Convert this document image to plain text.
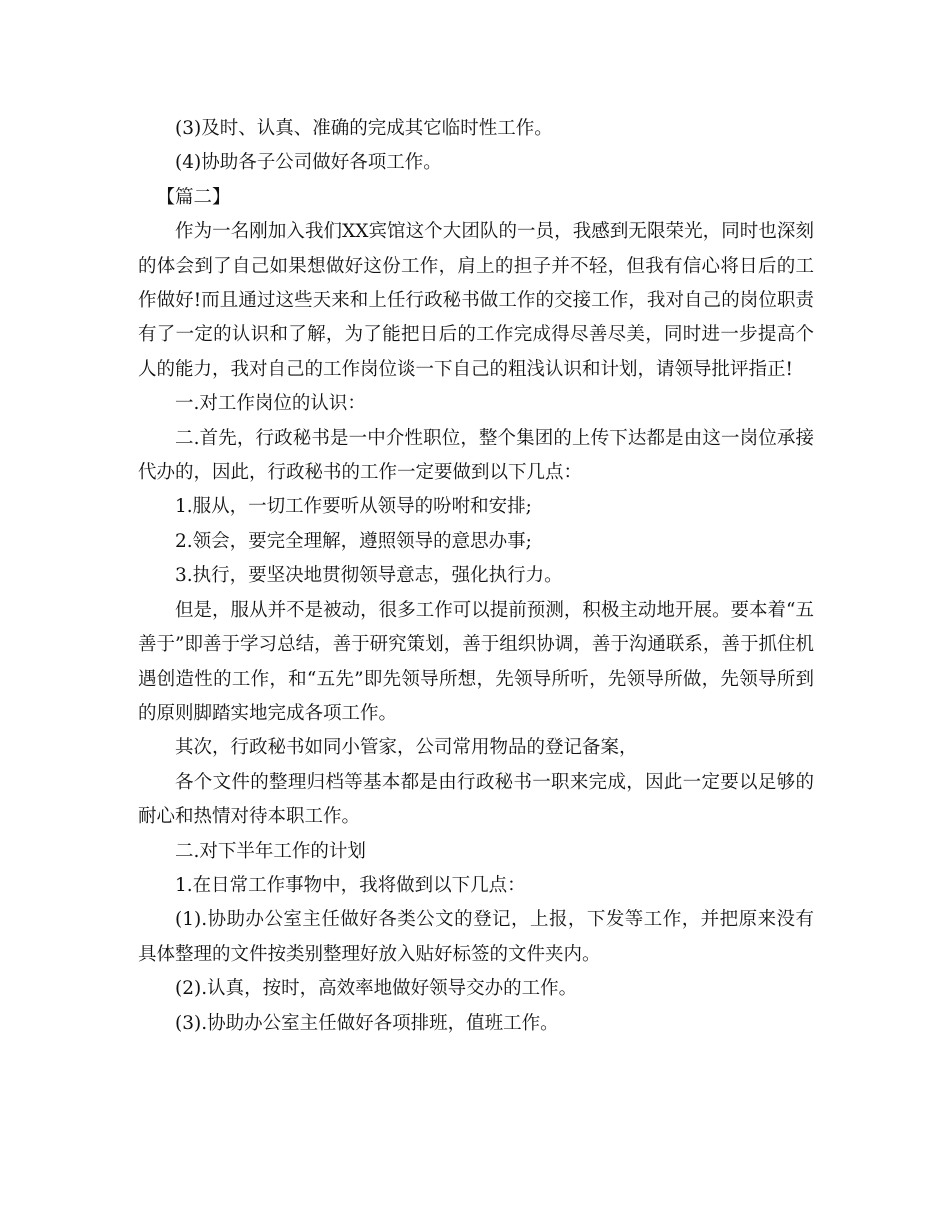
(3)及时、认真、准确的完成其它临时性工作。

(4)协助各子公司做好各项工作。

【篇二】

作为一名刚加入我们XX宾馆这个大团队的一员，我感到无限荣光，同时也深刻的体会到了自己如果想做好这份工作，肩上的担子并不轻，但我有信心将日后的工作做好!而且通过这些天来和上任行政秘书做工作的交接工作，我对自己的岗位职责有了一定的认识和了解，为了能把日后的工作完成得尽善尽美，同时进一步提高个人的能力，我对自己的工作岗位谈一下自己的粗浅认识和计划，请领导批评指正!

一.对工作岗位的认识：

二.首先，行政秘书是一中介性职位，整个集团的上传下达都是由这一岗位承接代办的，因此，行政秘书的工作一定要做到以下几点：

1.服从，一切工作要听从领导的吩咐和安排;

2.领会，要完全理解，遵照领导的意思办事;

3.执行，要坚决地贯彻领导意志，强化执行力。

但是，服从并不是被动，很多工作可以提前预测，积极主动地开展。要本着“五善于”即善于学习总结，善于研究策划，善于组织协调，善于沟通联系，善于抓住机遇创造性的工作，和“五先”即先领导所想，先领导所听，先领导所做，先领导所到的原则脚踏实地完成各项工作。

其次，行政秘书如同小管家，公司常用物品的登记备案，

各个文件的整理归档等基本都是由行政秘书一职来完成，因此一定要以足够的耐心和热情对待本职工作。

二.对下半年工作的计划

1.在日常工作事物中，我将做到以下几点：

(1).协助办公室主任做好各类公文的登记，上报，下发等工作，并把原来没有具体整理的文件按类别整理好放入贴好标签的文件夹内。

(2).认真，按时，高效率地做好领导交办的工作。

(3).协助办公室主任做好各项排班，值班工作。
